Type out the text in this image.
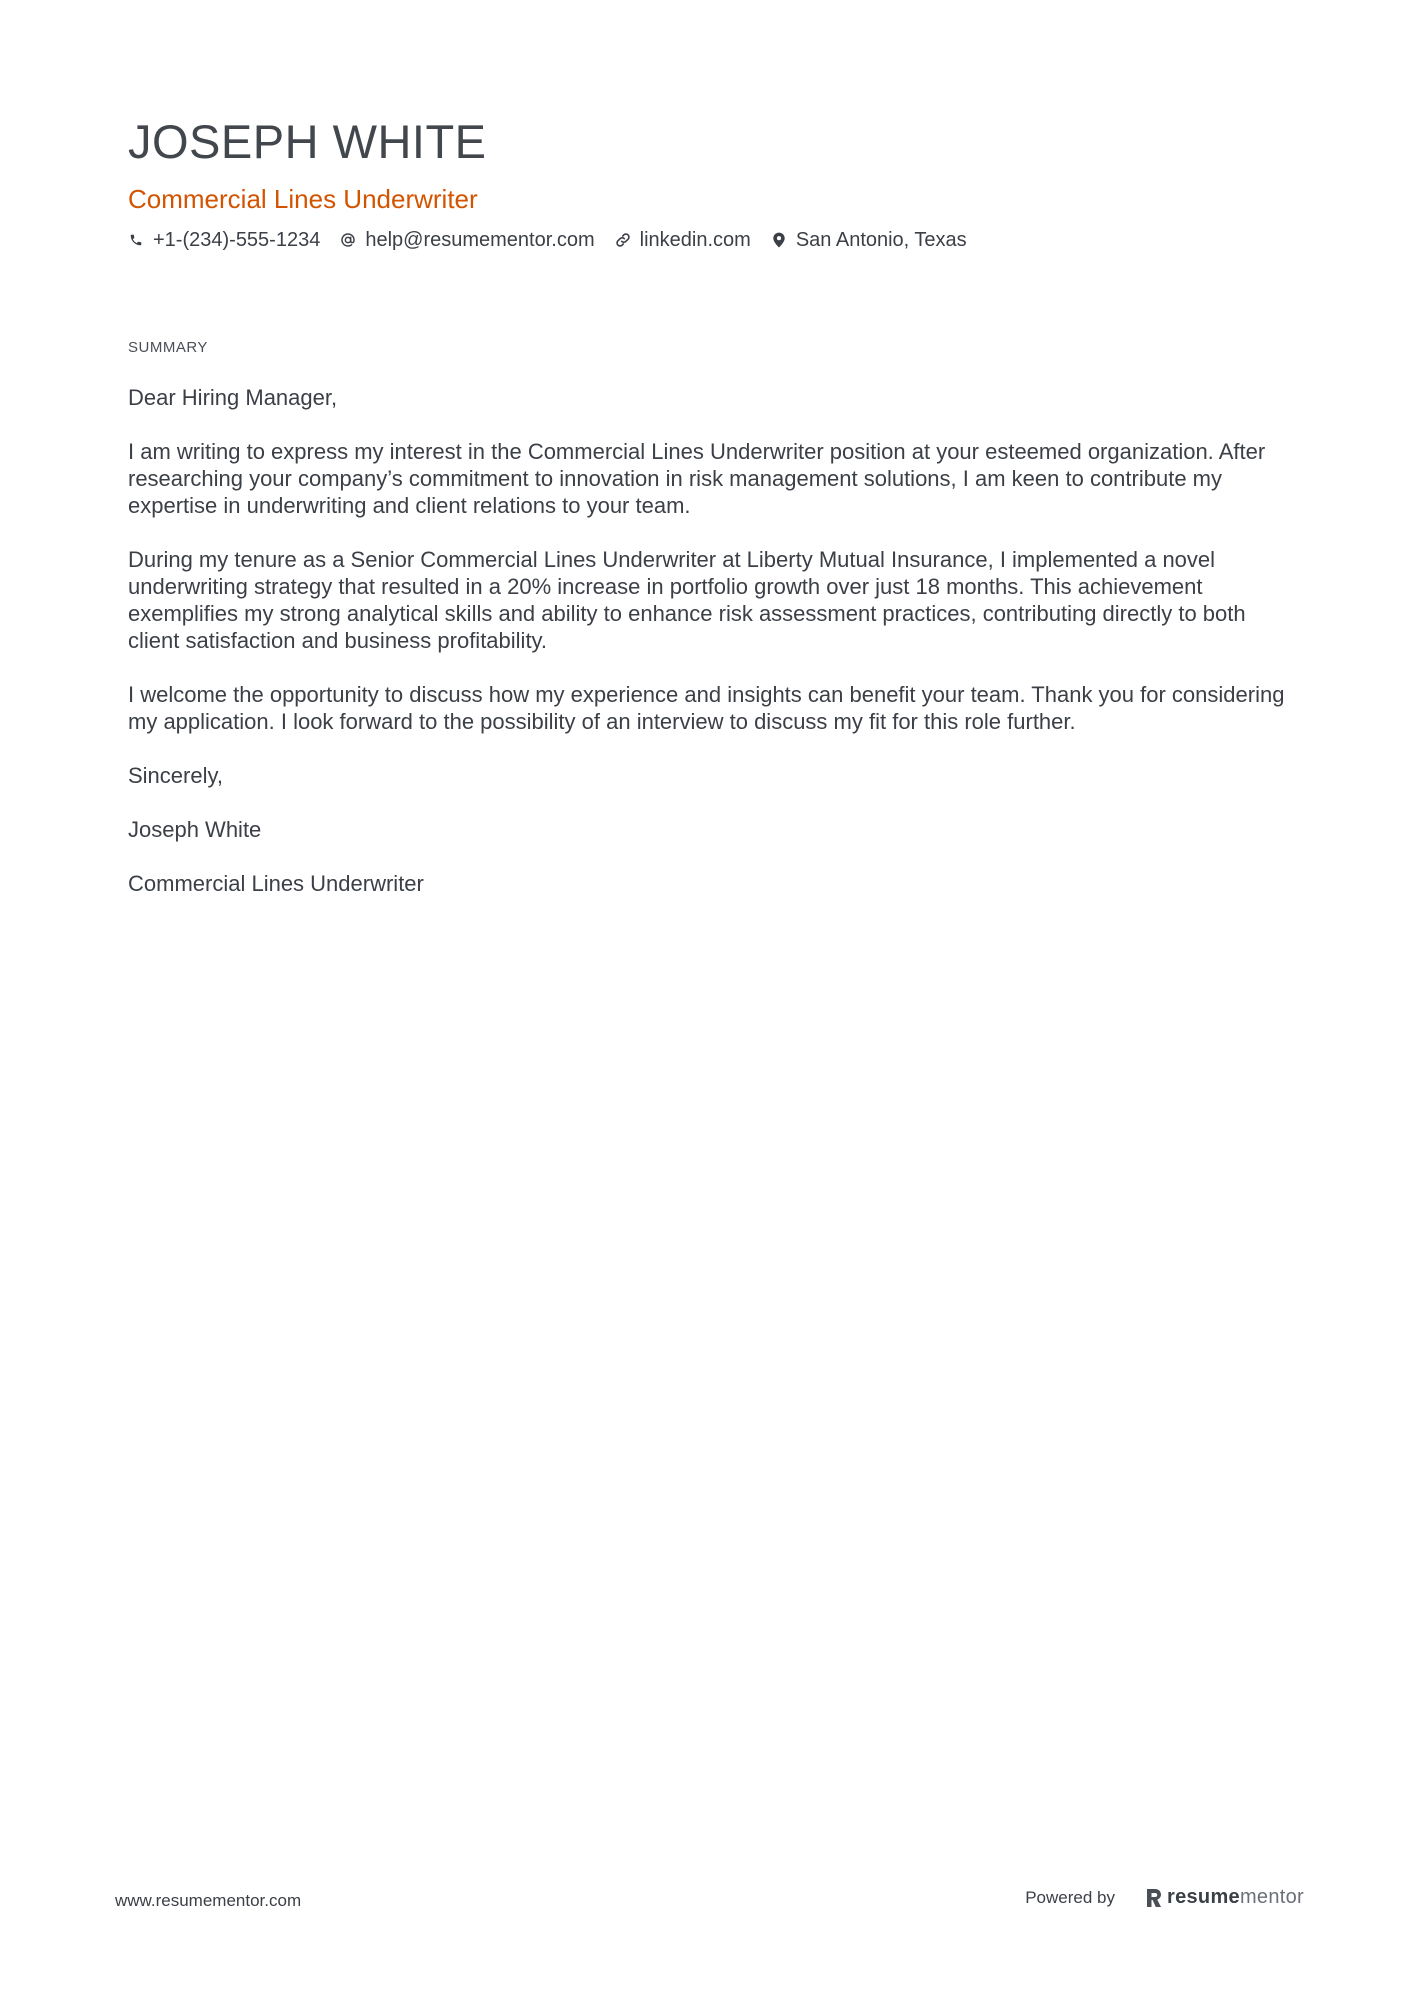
JOSEPH WHITE
Commercial Lines Underwriter
+1-(234)-555-1234 help@resumementor.com linkedin.com San Antonio, Texas
SUMMARY

Dear Hiring Manager,

I am writing to express my interest in the Commercial Lines Underwriter position at your esteemed organization. After researching your company’s commitment to innovation in risk management solutions, I am keen to contribute my expertise in underwriting and client relations to your team.

During my tenure as a Senior Commercial Lines Underwriter at Liberty Mutual Insurance, I implemented a novel underwriting strategy that resulted in a 20% increase in portfolio growth over just 18 months. This achievement exemplifies my strong analytical skills and ability to enhance risk assessment practices, contributing directly to both client satisfaction and business profitability.

I welcome the opportunity to discuss how my experience and insights can benefit your team. Thank you for considering my application. I look forward to the possibility of an interview to discuss my fit for this role further.

Sincerely,

Joseph White

Commercial Lines Underwriter

www.resumementor.com	Powered by	resumementor
